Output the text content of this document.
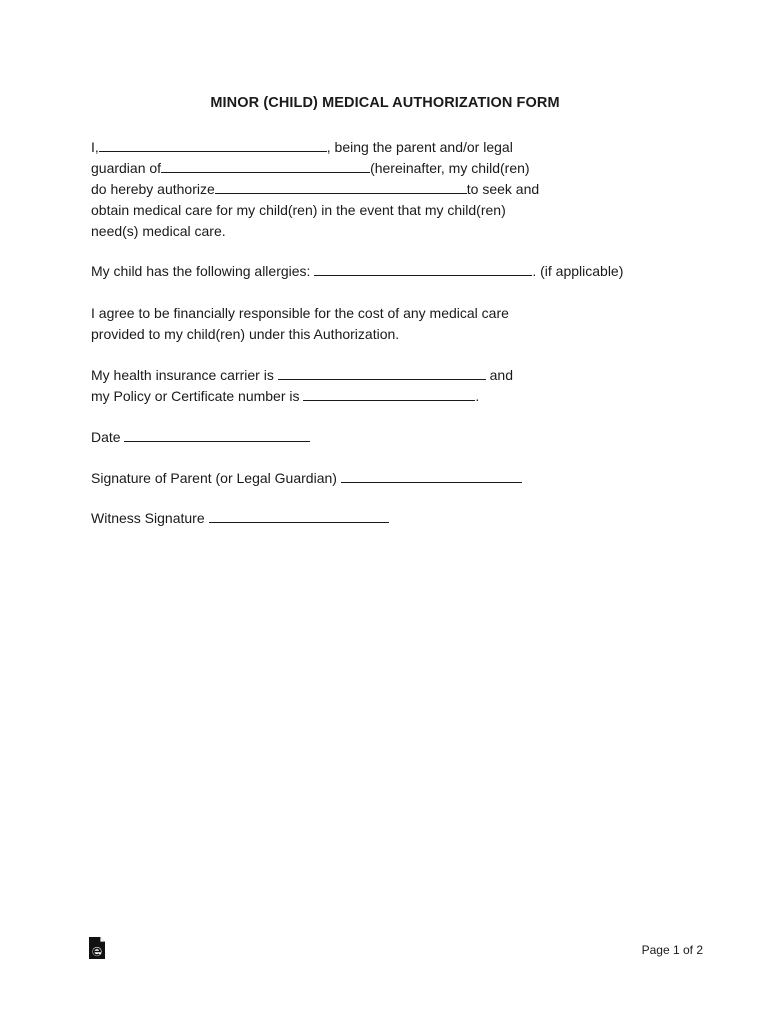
MINOR (CHILD) MEDICAL AUTHORIZATION FORM
I,	, being the parent and/or legal
guardian of	(hereinafter, my child(ren)
do hereby authorize	to seek and
obtain medical care for my child(ren) in the event that my child(ren)
need(s) medical care.
My child has the following allergies:	. (if applicable)
I agree to be financially responsible for the cost of any medical care
provided to my child(ren) under this Authorization.
My health insurance carrier is	and
my Policy or Certificate number is	.
Date
Signature of Parent (or Legal Guardian)
Witness Signature
Page 1 of 2
